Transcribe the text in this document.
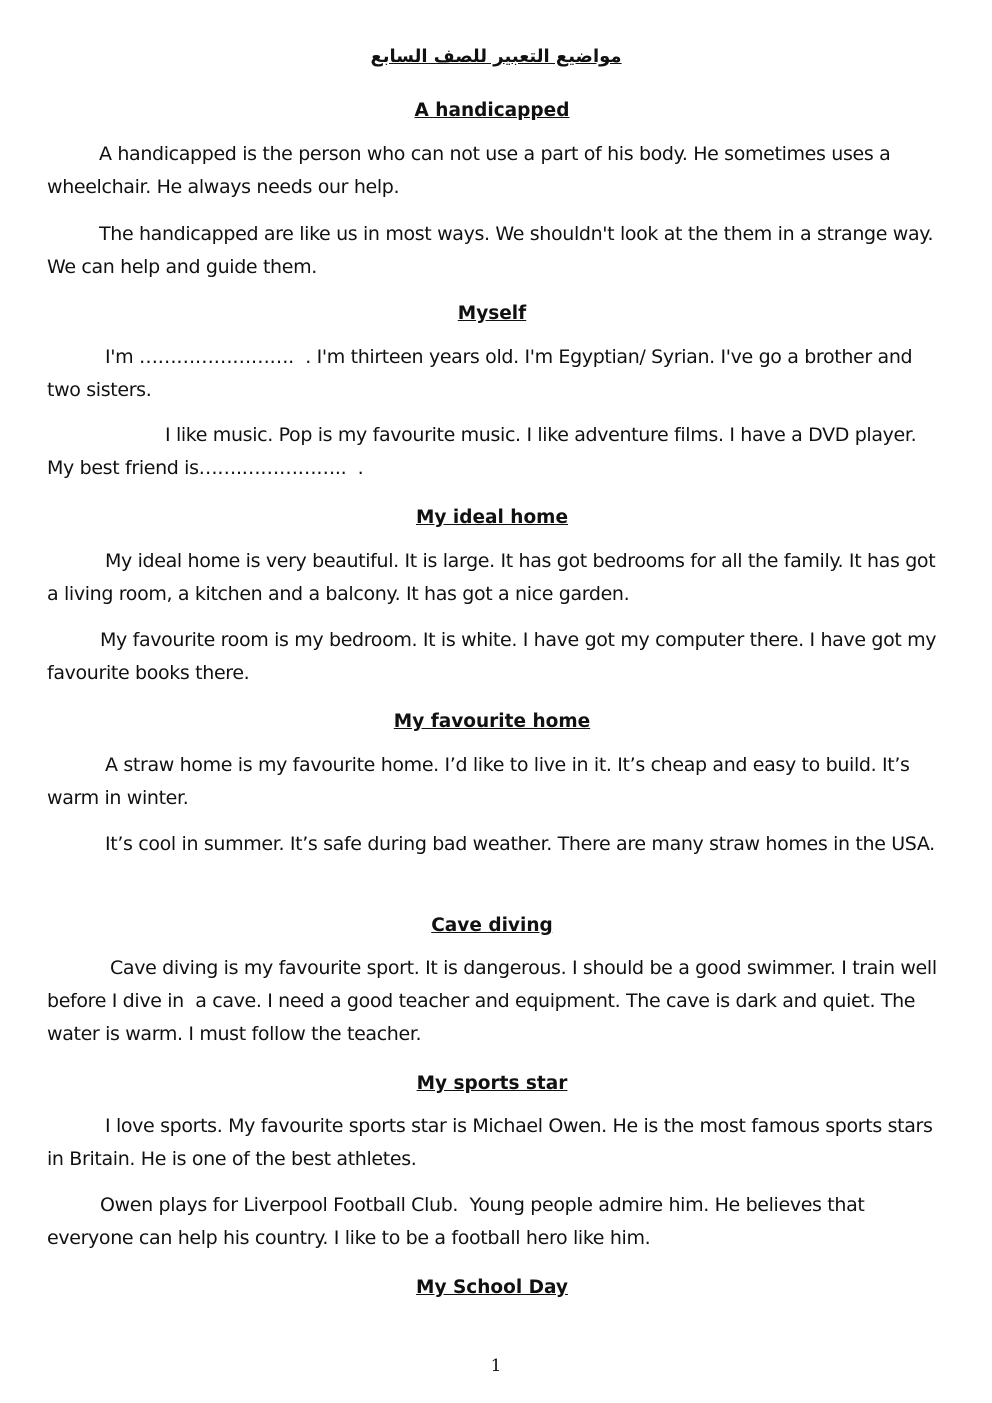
مواضيع التعبير للصف السابع
A handicapped

A handicapped is the person who can not use a part of his body. He sometimes uses a wheelchair. He always needs our help.

The handicapped are like us in most ways. We shouldn't look at the them in a strange way. We can help and guide them.

Myself

I'm …………………….  . I'm thirteen years old. I'm Egyptian/ Syrian. I've go a brother and two sisters.

I like music. Pop is my favourite music. I like adventure films. I have a DVD player. My best friend is…….……………..  .

My ideal home

My ideal home is very beautiful. It is large. It has got bedrooms for all the family. It has got  a living room, a kitchen and a balcony. It has got a nice garden.

My favourite room is my bedroom. It is white. I have got my computer there. I have got my favourite books there.

My favourite home

A straw home is my favourite home. I’d like to live in it. It’s cheap and easy to build. It’s warm in winter.

It’s cool in summer. It’s safe during bad weather. There are many straw homes in the USA.

Cave diving

Cave diving is my favourite sport. It is dangerous. I should be a good swimmer. I train well before I dive in  a cave. I need a good teacher and equipment. The cave is dark and quiet. The water is warm. I must follow the teacher.

My sports star

I love sports. My favourite sports star is Michael Owen. He is the most famous sports stars in Britain. He is one of the best athletes.

Owen plays for Liverpool Football Club.  Young people admire him. He believes that everyone can help his country. I like to be a football hero like him.

My School Day

1
